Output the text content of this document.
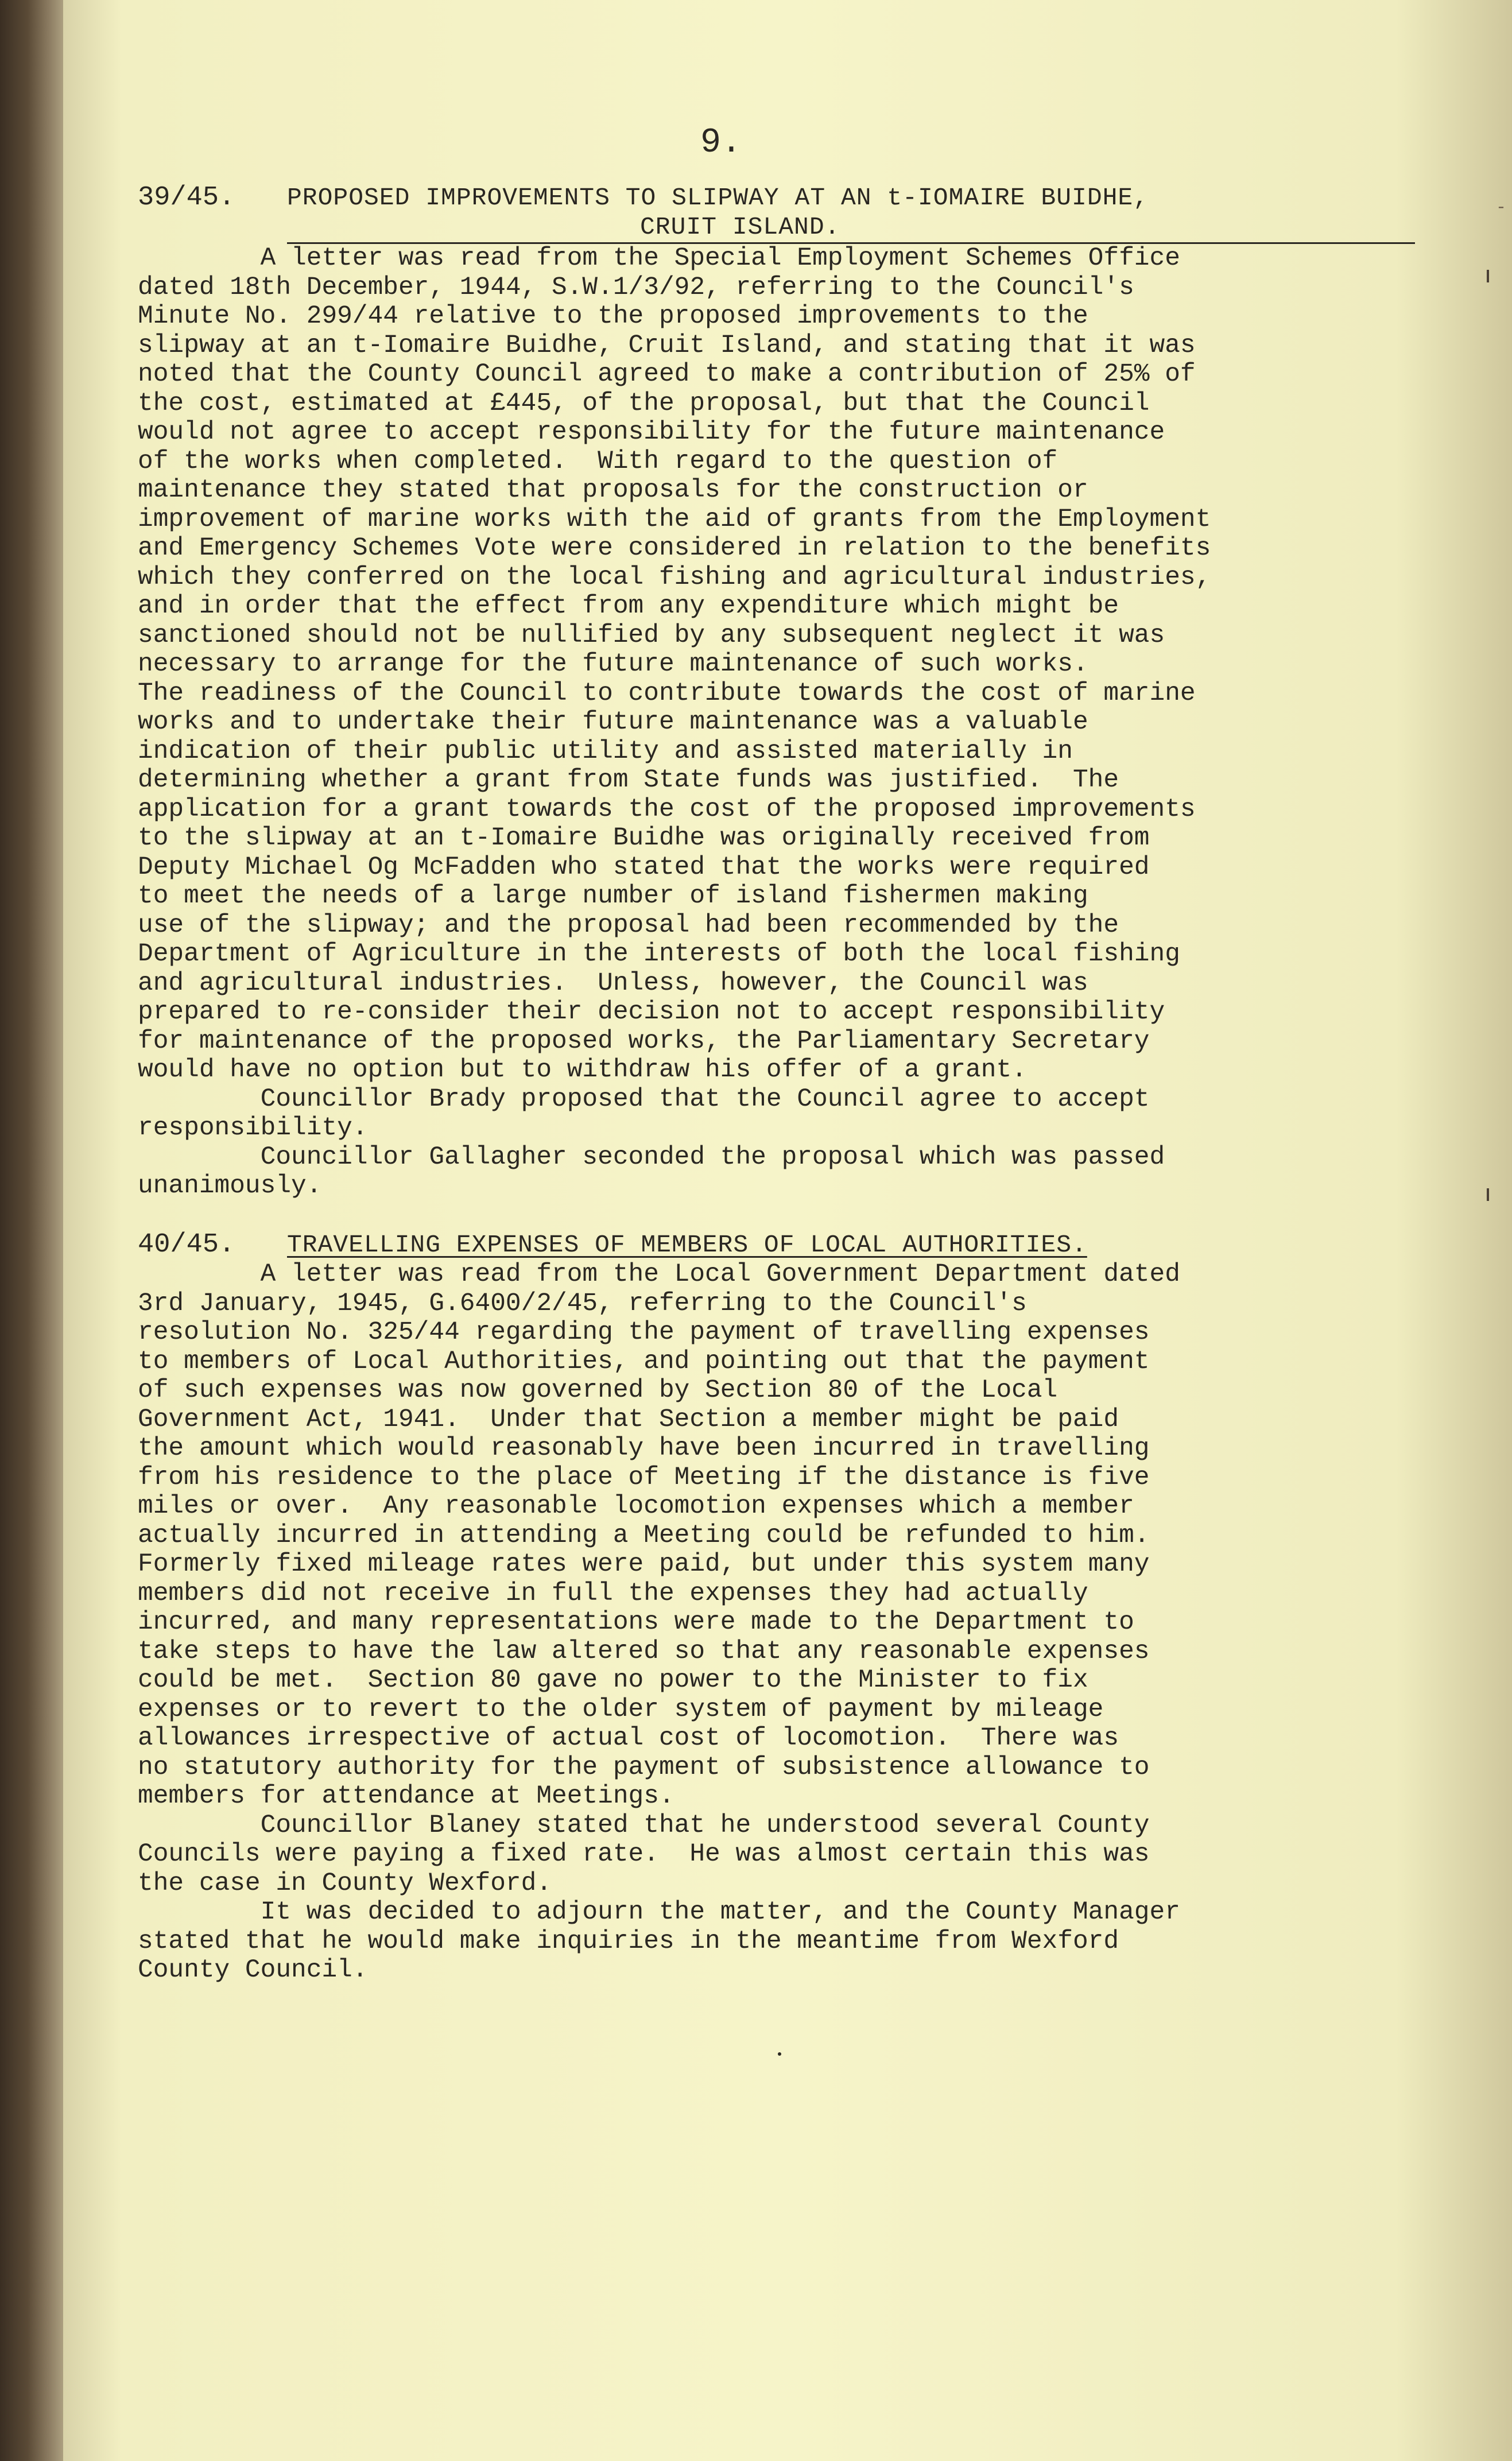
9.
-
39/45.	PROPOSED IMPROVEMENTS TO SLIPWAY AT AN t-IOMAIRE BUIDHE,
CRUIT ISLAND.

A letter was read from the Special Employment Schemes Office

dated 18th December, 1944, S.W.1/3/92, referring to the Council's

Minute No. 299/44 relative to the proposed improvements to the

slipway at an t-Iomaire Buidhe, Cruit Island, and stating that it was

noted that the County Council agreed to make a contribution of 25% of

the cost, estimated at £445, of the proposal, but that the Council

would not agree to accept responsibility for the future maintenance

of the works when completed.  With regard to the question of

maintenance they stated that proposals for the construction or

improvement of marine works with the aid of grants from the Employment

and Emergency Schemes Vote were considered in relation to the benefits

which they conferred on the local fishing and agricultural industries,

and in order that the effect from any expenditure which might be

sanctioned should not be nullified by any subsequent neglect it was

necessary to arrange for the future maintenance of such works.

The readiness of the Council to contribute towards the cost of marine

works and to undertake their future maintenance was a valuable

indication of their public utility and assisted materially in

determining whether a grant from State funds was justified.  The

application for a grant towards the cost of the proposed improvements

to the slipway at an t-Iomaire Buidhe was originally received from

Deputy Michael Og McFadden who stated that the works were required

to meet the needs of a large number of island fishermen making

use of the slipway; and the proposal had been recommended by the

Department of Agriculture in the interests of both the local fishing

and agricultural industries.  Unless, however, the Council was

prepared to re-consider their decision not to accept responsibility

for maintenance of the proposed works, the Parliamentary Secretary

would have no option but to withdraw his offer of a grant.

Councillor Brady proposed that the Council agree to accept

responsibility.

Councillor Gallagher seconded the proposal which was passed

unanimously.

40/45.	TRAVELLING EXPENSES OF MEMBERS OF LOCAL AUTHORITIES.

A letter was read from the Local Government Department dated

3rd January, 1945, G.6400/2/45, referring to the Council's

resolution No. 325/44 regarding the payment of travelling expenses

to members of Local Authorities, and pointing out that the payment

of such expenses was now governed by Section 80 of the Local

Government Act, 1941.  Under that Section a member might be paid

the amount which would reasonably have been incurred in travelling

from his residence to the place of Meeting if the distance is five

miles or over.  Any reasonable locomotion expenses which a member

actually incurred in attending a Meeting could be refunded to him.

Formerly fixed mileage rates were paid, but under this system many

members did not receive in full the expenses they had actually

incurred, and many representations were made to the Department to

take steps to have the law altered so that any reasonable expenses

could be met.  Section 80 gave no power to the Minister to fix

expenses or to revert to the older system of payment by mileage

allowances irrespective of actual cost of locomotion.  There was

no statutory authority for the payment of subsistence allowance to

members for attendance at Meetings.

Councillor Blaney stated that he understood several County

Councils were paying a fixed rate.  He was almost certain this was

the case in County Wexford.

It was decided to adjourn the matter, and the County Manager

stated that he would make inquiries in the meantime from Wexford

County Council.
